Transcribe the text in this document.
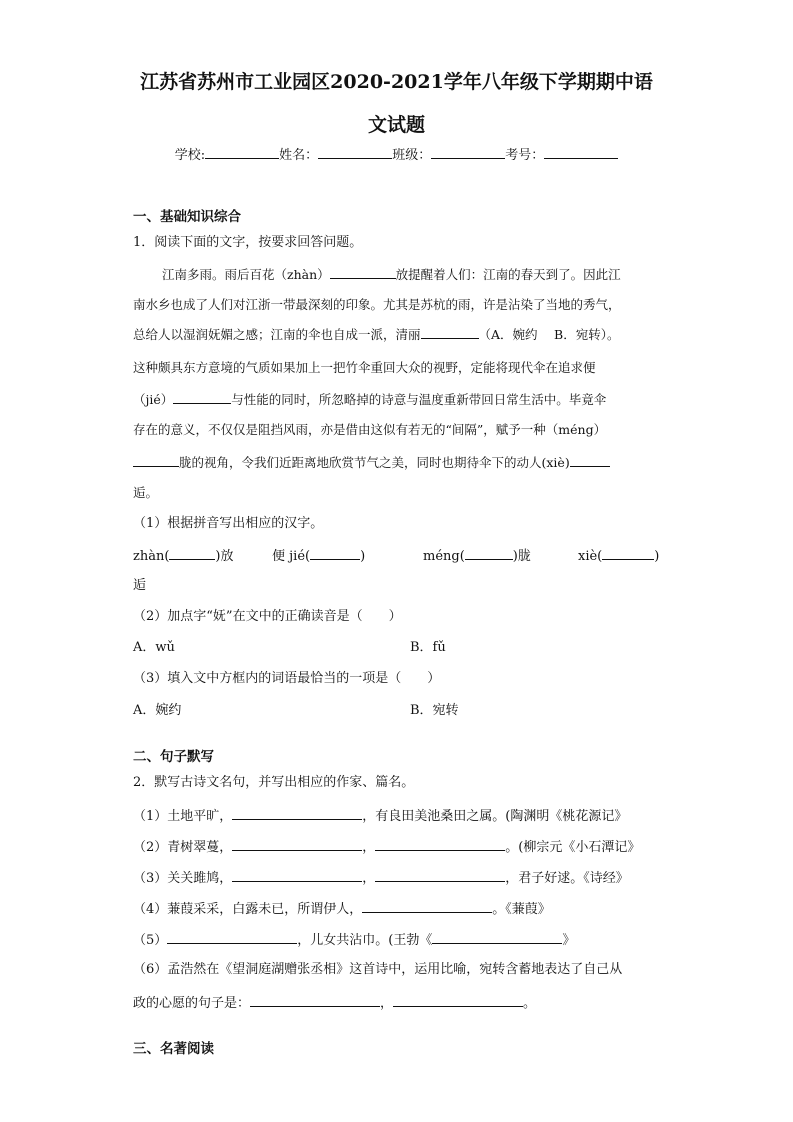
江苏省苏州市工业园区2020-2021学年八年级下学期期中语
文试题
学校:	姓名：	班级：	考号：
一、基础知识综合
1．阅读下面的文字，按要求回答问题。
江南多雨。雨后百花（zhàn）	放提醒着人们：江南的春天到了。因此江
南水乡也成了人们对江浙一带最深刻的印象。尤其是苏杭的雨，许是沾染了当地的秀气，
总给人以湿润妩媚之感；江南的伞也自成一派，清丽	（A．婉约　 B．宛转）。
这种颇具东方意境的气质如果加上一把竹伞重回大众的视野，定能将现代伞在追求便
（jié）	与性能的同时，所忽略掉的诗意与温度重新带回日常生活中。毕竟伞
存在的意义，不仅仅是阻挡风雨，亦是借由这似有若无的“间隔”，赋予一种（méng）
胧的视角，令我们近距离地欣赏节气之美，同时也期待伞下的动人(xiè)
逅。
（1）根据拼音写出相应的汉字。
zhàn(	)放	便 jié(	)	méng(	)胧	xiè(	)
逅
（2）加点字“妩”在文中的正确读音是（　　）
A．wǔ	B．fǔ
（3）填入文中方框内的词语最恰当的一项是（　　）
A．婉约	B．宛转
二、句子默写
2．默写古诗文名句，并写出相应的作家、篇名。
（1）土地平旷，	，有良田美池桑田之属。(陶渊明《桃花源记》
（2）青树翠蔓，	，	。(柳宗元《小石潭记》
（3）关关雎鸠，	，	，君子好逑。《诗经》
（4）蒹葭采采，白露未已，所谓伊人，	。《蒹葭》
（5）	，儿女共沾巾。(王勃《	》
（6）孟浩然在《望洞庭湖赠张丞相》这首诗中，运用比喻，宛转含蓄地表达了自己从
政的心愿的句子是：	，	。
三、名著阅读
